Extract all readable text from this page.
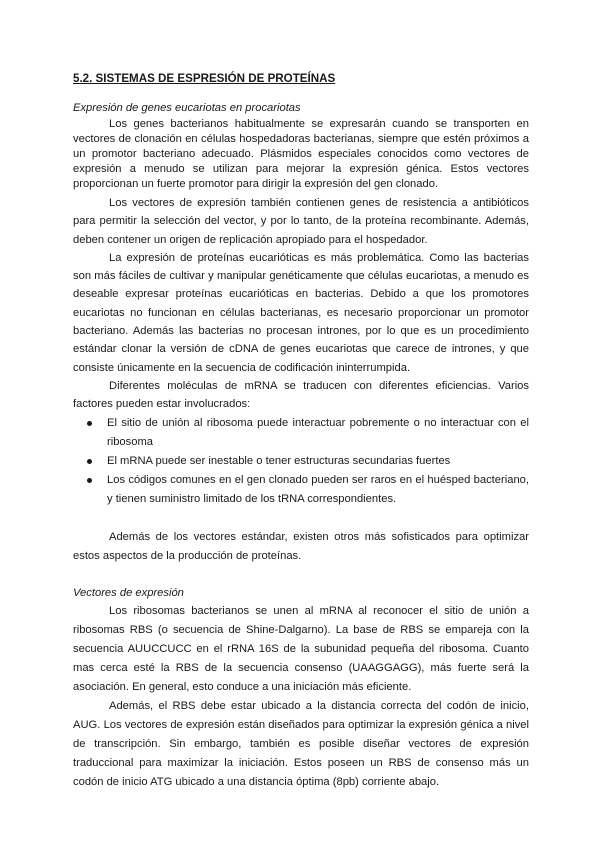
5.2. SISTEMAS DE ESPRESIÓN DE PROTEÍNAS
Expresión de genes eucariotas en procariotas

Los genes bacterianos habitualmente se expresarán cuando se transporten en vectores de clonación en células hospedadoras bacterianas, siempre que estén próximos a un promotor bacteriano adecuado. Plásmidos especiales conocidos como vectores de expresión a menudo se utilizan para mejorar la expresión génica. Estos vectores proporcionan un fuerte promotor para dirigir la expresión del gen clonado.

Los vectores de expresión también contienen genes de resistencia a antibióticos para permitir la selección del vector, y por lo tanto, de la proteína recombinante. Además, deben contener un origen de replicación apropiado para el hospedador.

La expresión de proteínas eucarióticas es más problemática. Como las bacterias son más fáciles de cultivar y manipular genéticamente que células eucariotas, a menudo es deseable expresar proteínas eucarióticas en bacterias. Debido a que los promotores eucariotas no funcionan en células bacterianas, es necesario proporcionar un promotor bacteriano. Además las bacterias no procesan intrones, por lo que es un procedimiento estándar clonar la versión de cDNA de genes eucariotas que carece de intrones, y que consiste únicamente en la secuencia de codificación ininterrumpida.

Diferentes moléculas de mRNA se traducen con diferentes eficiencias. Varios factores pueden estar involucrados:

El sitio de unión al ribosoma puede interactuar pobremente o no interactuar con el ribosoma
El mRNA puede ser inestable o tener estructuras secundarias fuertes
Los códigos comunes en el gen clonado pueden ser raros en el huésped bacteriano, y tienen suministro limitado de los tRNA correspondientes.

Además de los vectores estándar, existen otros más sofisticados para optimizar estos aspectos de la producción de proteínas.

Vectores de expresión

Los ribosomas bacterianos se unen al mRNA al reconocer el sitio de unión a ribosomas RBS (o secuencia de Shine-Dalgarno). La base de RBS se empareja con la secuencia AUUCCUCC en el rRNA 16S de la subunidad pequeña del ribosoma. Cuanto mas cerca esté la RBS de la secuencia consenso (UAAGGAGG), más fuerte será la asociación. En general, esto conduce a una iniciación más eficiente.

Además, el RBS debe estar ubicado a la distancia correcta del codón de inicio, AUG. Los vectores de expresión están diseñados para optimizar la expresión génica a nivel de transcripción. Sin embargo, también es posible diseñar vectores de expresión traduccional para maximizar la iniciación. Estos poseen un RBS de consenso más un codón de inicio ATG ubicado a una distancia óptima (8pb) corriente abajo.
